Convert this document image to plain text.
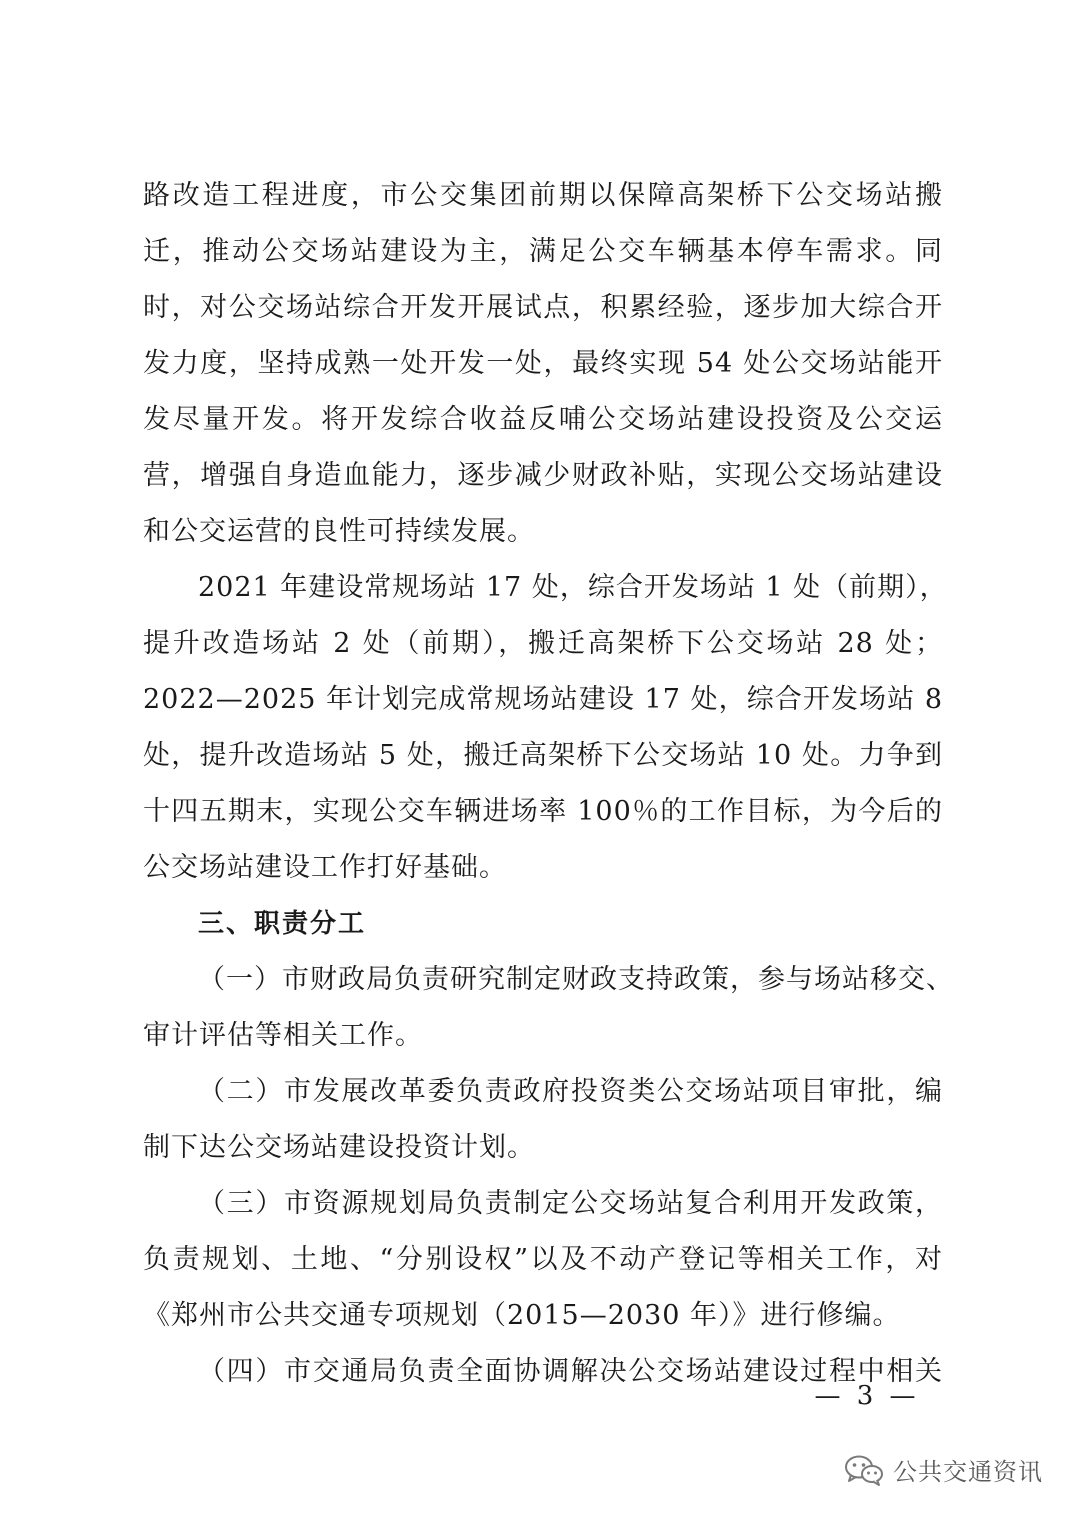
路改造工程进度，市公交集团前期以保障高架桥下公交场站搬
迁，推动公交场站建设为主，满足公交车辆基本停车需求。同
时，对公交场站综合开发开展试点，积累经验，逐步加大综合开
发力度，坚持成熟一处开发一处，最终实现 54 处公交场站能开
发尽量开发。将开发综合收益反哺公交场站建设投资及公交运
营，增强自身造血能力，逐步减少财政补贴，实现公交场站建设
和公交运营的良性可持续发展。
2021 年建设常规场站 17 处，综合开发场站 1 处（前期），
提升改造场站 2 处（前期），搬迁高架桥下公交场站 28 处；
2022—2025 年计划完成常规场站建设 17 处，综合开发场站 8
处，提升改造场站 5 处，搬迁高架桥下公交场站 10 处。力争到
十四五期末，实现公交车辆进场率 100％的工作目标，为今后的
公交场站建设工作打好基础。
三、职责分工
（一）市财政局负责研究制定财政支持政策，参与场站移交、
审计评估等相关工作。
（二）市发展改革委负责政府投资类公交场站项目审批，编
制下达公交场站建设投资计划。
（三）市资源规划局负责制定公交场站复合利用开发政策，
负责规划、土地、“分别设权”以及不动产登记等相关工作，对
《郑州市公共交通专项规划（2015—2030 年）》进行修编。
（四）市交通局负责全面协调解决公交场站建设过程中相关
— 3 —
公共交通资讯
